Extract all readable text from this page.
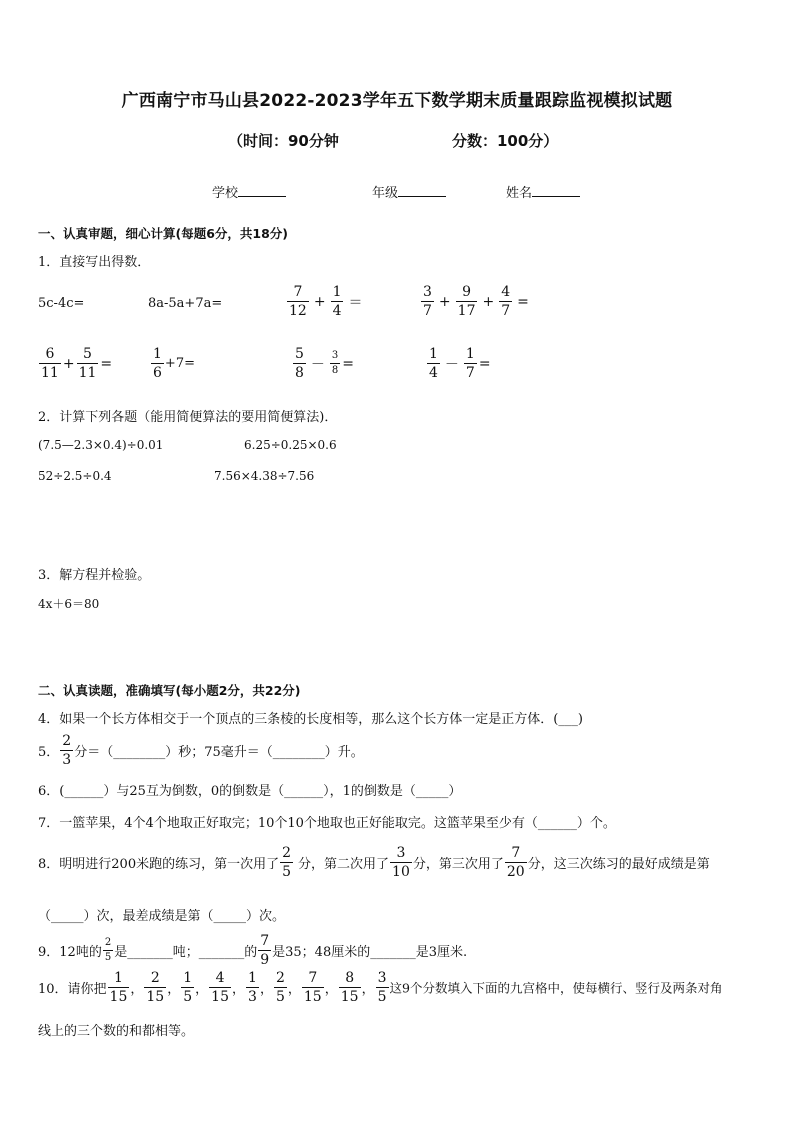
广西南宁市马山县2022-2023学年五下数学期末质量跟踪监视模拟试题
（时间：90分钟	分数：100分）
学校	年级	姓名
一、认真审题，细心计算(每题6分，共18分)
1．直接写出得数．
5c-4c=	8a-5a+7a=	$\frac{7}{12} + \frac{1}{4}$ ＝	$\frac{3}{7} + \frac{9}{17} + \frac{4}{7}$ =
$\frac{6}{11} + \frac{5}{11}$ =	$\frac{1}{6} +7=$	$\frac{5}{8} - \frac{3}{8}$ =	$\frac{1}{4} - \frac{1}{7}$ =
2．计算下列各题（能用简便算法的要用简便算法)．
(7.5—2.3×0.4)÷0.01	6.25÷0.25×0.6
52÷2.5÷0.4	7.56×4.38÷7.56
3．解方程并检验。
4x＋6＝80
二、认真读题，准确填写(每小题2分，共22分)
4．如果一个长方体相交于一个顶点的三条棱的长度相等，那么这个长方体一定是正方体．(___)
5． $\frac{2}{3}$ 分＝（________）秒；75毫升＝（________）升。
6．(______）与25互为倒数，0的倒数是（______），1的倒数是（_____）
7．一篮苹果，4个4个地取正好取完；10个10个地取也正好能取完。这篮苹果至少有（______）个。
8．明明进行200米跑的练习，第一次用了 $\frac{2}{5}$ 分，第二次用了 $\frac{3}{10}$ 分，第三次用了 $\frac{7}{20}$ 分，这三次练习的最好成绩是第
（_____）次，最差成绩是第（_____）次。
9．12吨的 $\frac{2}{5}$ 是_______吨；_______的 $\frac{7}{9}$ 是35；48厘米的_______是3厘米.
10．请你把 $\frac{1}{15}$ ， $\frac{2}{15}$ ， $\frac{1}{5}$ ， $\frac{4}{15}$ ， $\frac{1}{3}$ ， $\frac{2}{5}$ ， $\frac{7}{15}$ ， $\frac{8}{15}$ ， $\frac{3}{5}$ 这9个分数填入下面的九宫格中，使每横行、竖行及两条对角
线上的三个数的和都相等。
